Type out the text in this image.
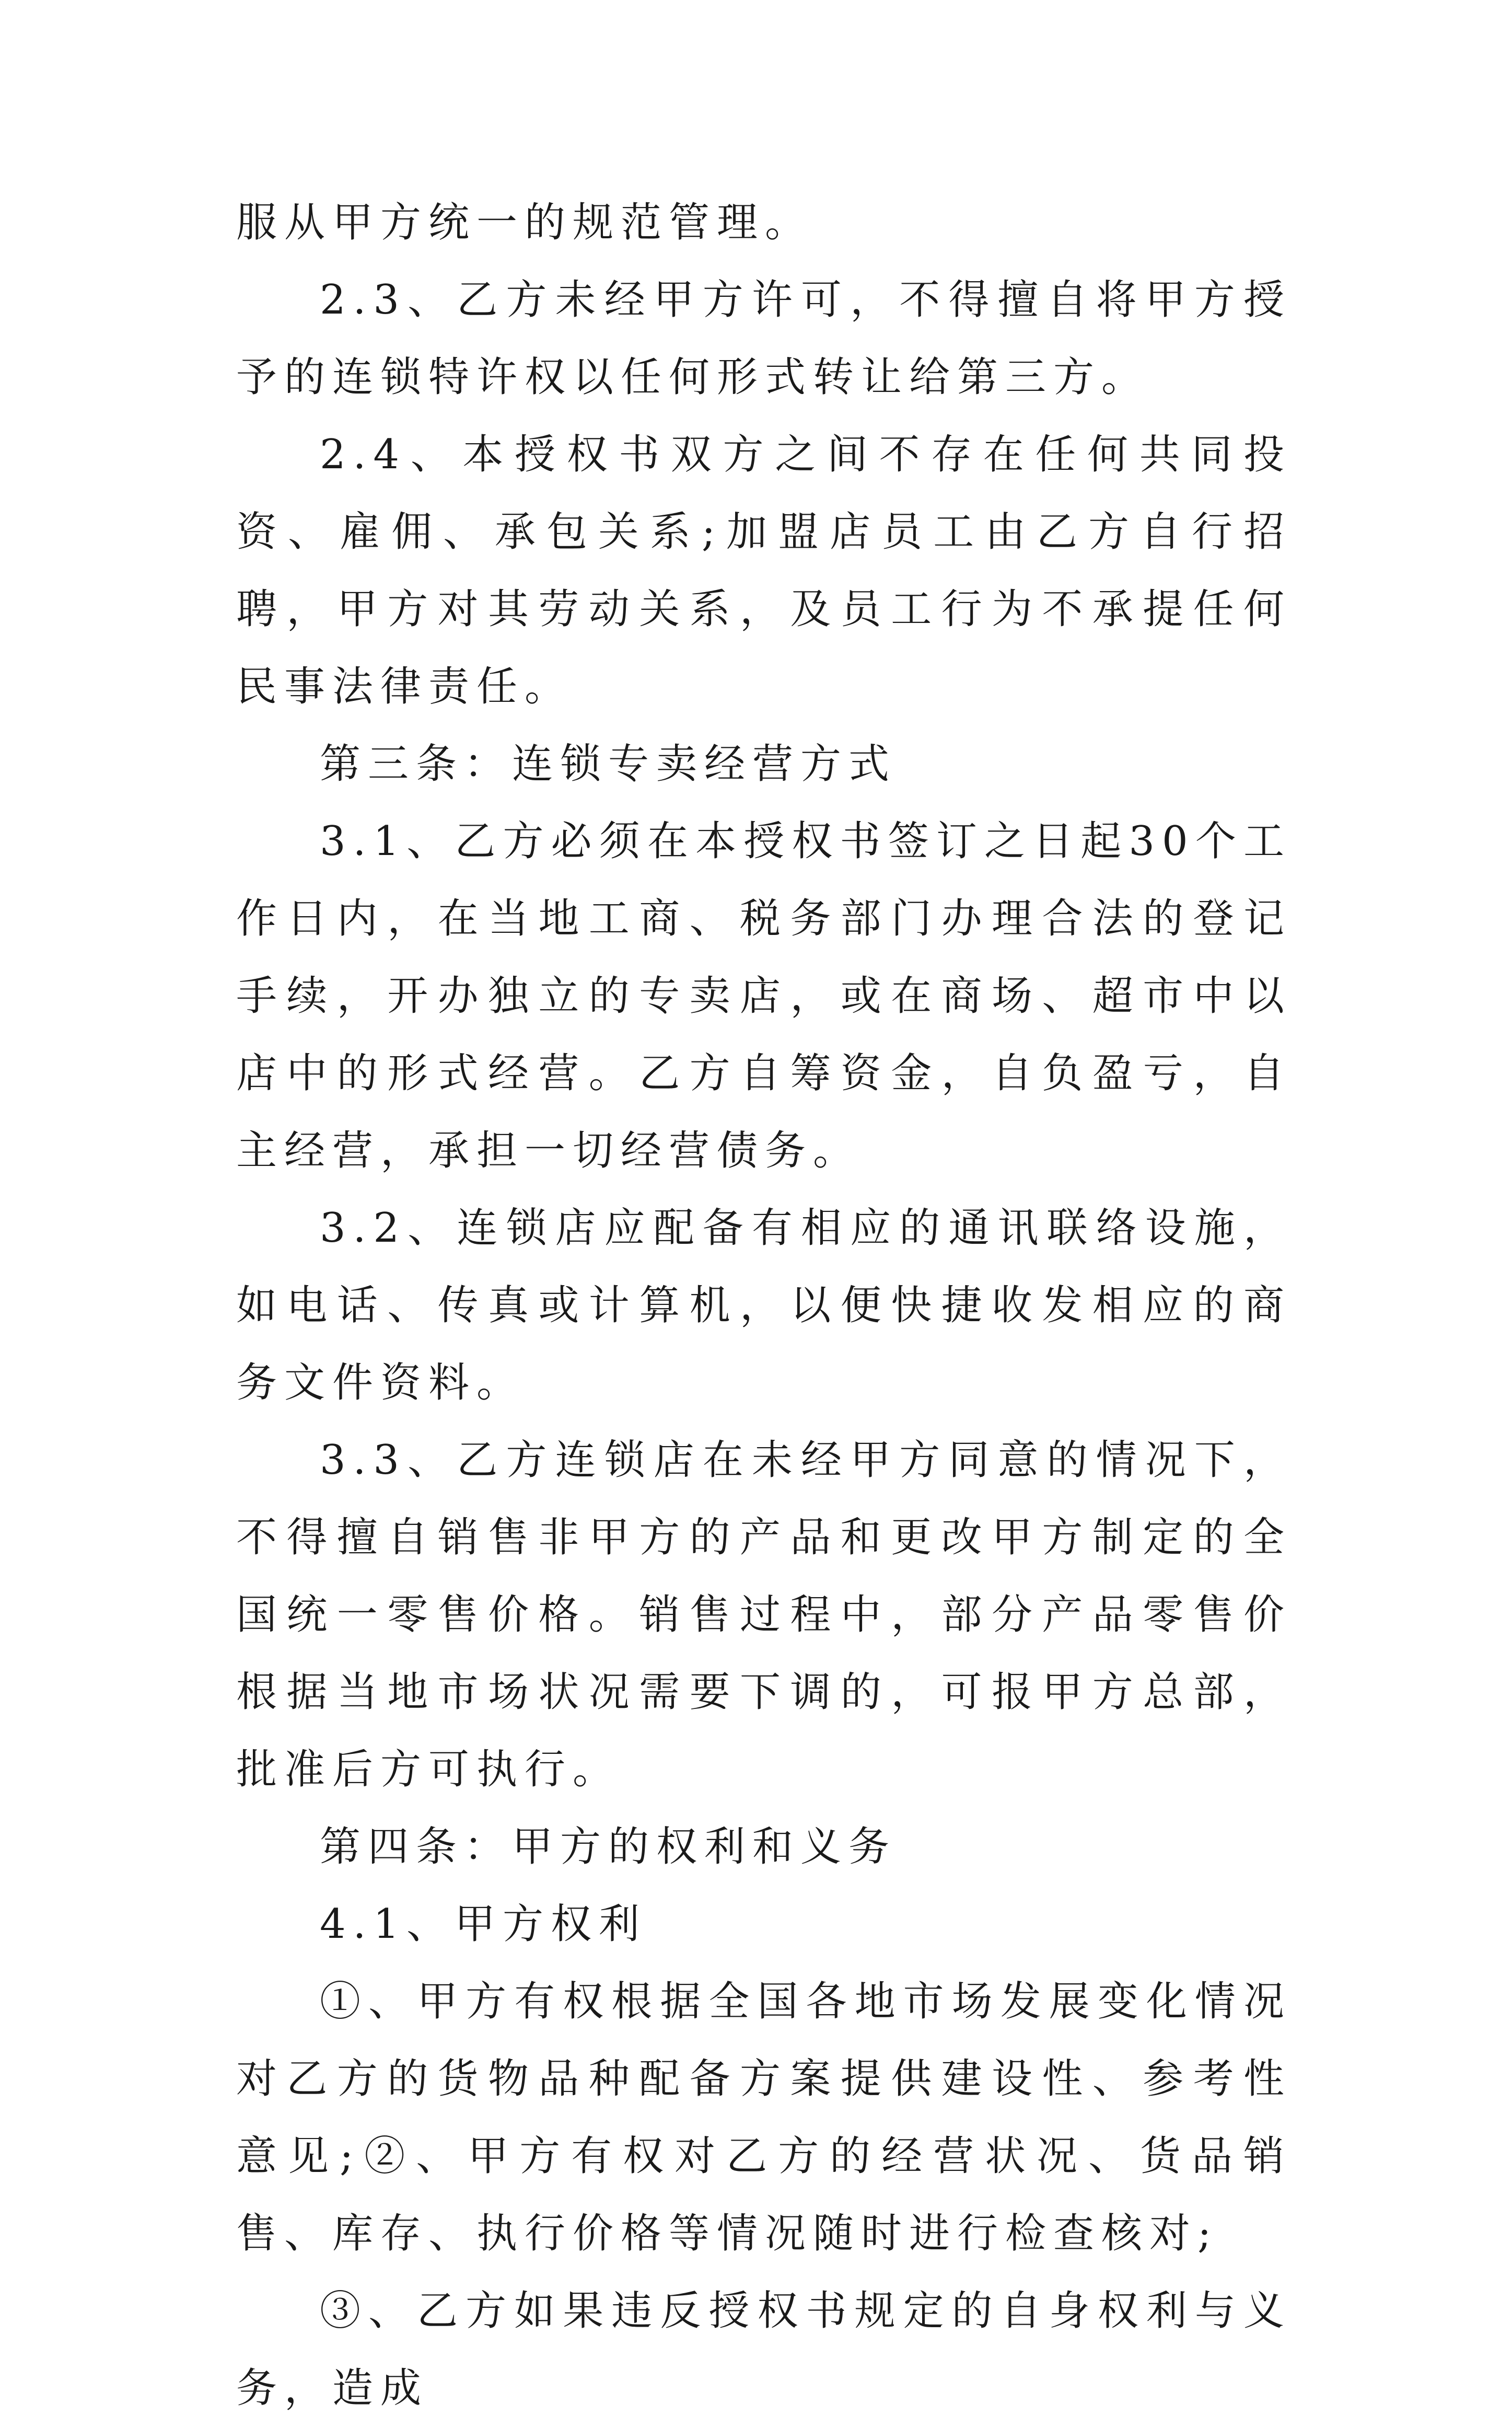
服从甲方统一的规范管理。

2.3、乙方未经甲方许可，不得擅自将甲方授予的连锁特许权以任何形式转让给第三方。

2.4、本授权书双方之间不存在任何共同投资、雇佣、承包关系;加盟店员工由乙方自行招聘，甲方对其劳动关系，及员工行为不承提任何民事法律责任。

第三条：连锁专卖经营方式

3.1、乙方必须在本授权书签订之日起30个工作日内，在当地工商、税务部门办理合法的登记手续，开办独立的专卖店，或在商场、超市中以店中的形式经营。乙方自筹资金，自负盈亏，自主经营，承担一切经营债务。

3.2、连锁店应配备有相应的通讯联络设施，如电话、传真或计算机，以便快捷收发相应的商务文件资料。

3.3、乙方连锁店在未经甲方同意的情况下，不得擅自销售非甲方的产品和更改甲方制定的全国统一零售价格。销售过程中，部分产品零售价根据当地市场状况需要下调的，可报甲方总部，批准后方可执行。

第四条：甲方的权利和义务

4.1、甲方权利

①、甲方有权根据全国各地市场发展变化情况对乙方的货物品种配备方案提供建设性、参考性意见;②、甲方有权对乙方的经营状况、货品销售、库存、执行价格等情况随时进行检查核对;

③、乙方如果违反授权书规定的自身权利与义务，造成
